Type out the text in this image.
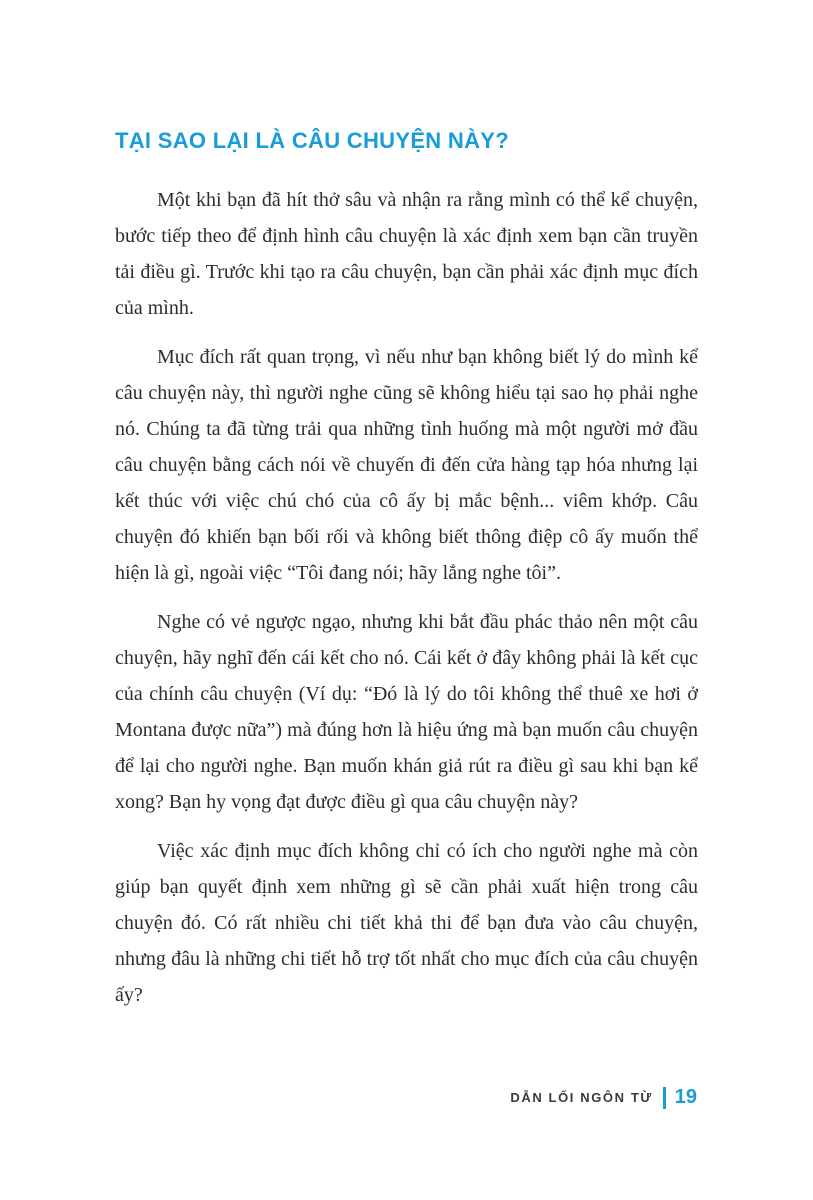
TẠI SAO LẠI LÀ CÂU CHUYỆN NÀY?

Một khi bạn đã hít thở sâu và nhận ra rằng mình có thể kể chuyện, bước tiếp theo để định hình câu chuyện là xác định xem bạn cần truyền tải điều gì. Trước khi tạo ra câu chuyện, bạn cần phải xác định mục đích của mình.

Mục đích rất quan trọng, vì nếu như bạn không biết lý do mình kể câu chuyện này, thì người nghe cũng sẽ không hiểu tại sao họ phải nghe nó. Chúng ta đã từng trải qua những tình huống mà một người mở đầu câu chuyện bằng cách nói về chuyến đi đến cửa hàng tạp hóa nhưng lại kết thúc với việc chú chó của cô ấy bị mắc bệnh... viêm khớp. Câu chuyện đó khiến bạn bối rối và không biết thông điệp cô ấy muốn thể hiện là gì, ngoài việc “Tôi đang nói; hãy lắng nghe tôi”.

Nghe có vẻ ngược ngạo, nhưng khi bắt đầu phác thảo nên một câu chuyện, hãy nghĩ đến cái kết cho nó. Cái kết ở đây không phải là kết cục của chính câu chuyện (Ví dụ: “Đó là lý do tôi không thể thuê xe hơi ở Montana được nữa”) mà đúng hơn là hiệu ứng mà bạn muốn câu chuyện để lại cho người nghe. Bạn muốn khán giả rút ra điều gì sau khi bạn kể xong? Bạn hy vọng đạt được điều gì qua câu chuyện này?

Việc xác định mục đích không chỉ có ích cho người nghe mà còn giúp bạn quyết định xem những gì sẽ cần phải xuất hiện trong câu chuyện đó. Có rất nhiều chi tiết khả thi để bạn đưa vào câu chuyện, nhưng đâu là những chi tiết hỗ trợ tốt nhất cho mục đích của câu chuyện ấy?

DẪN LỐI NGÔN TỪ 19
